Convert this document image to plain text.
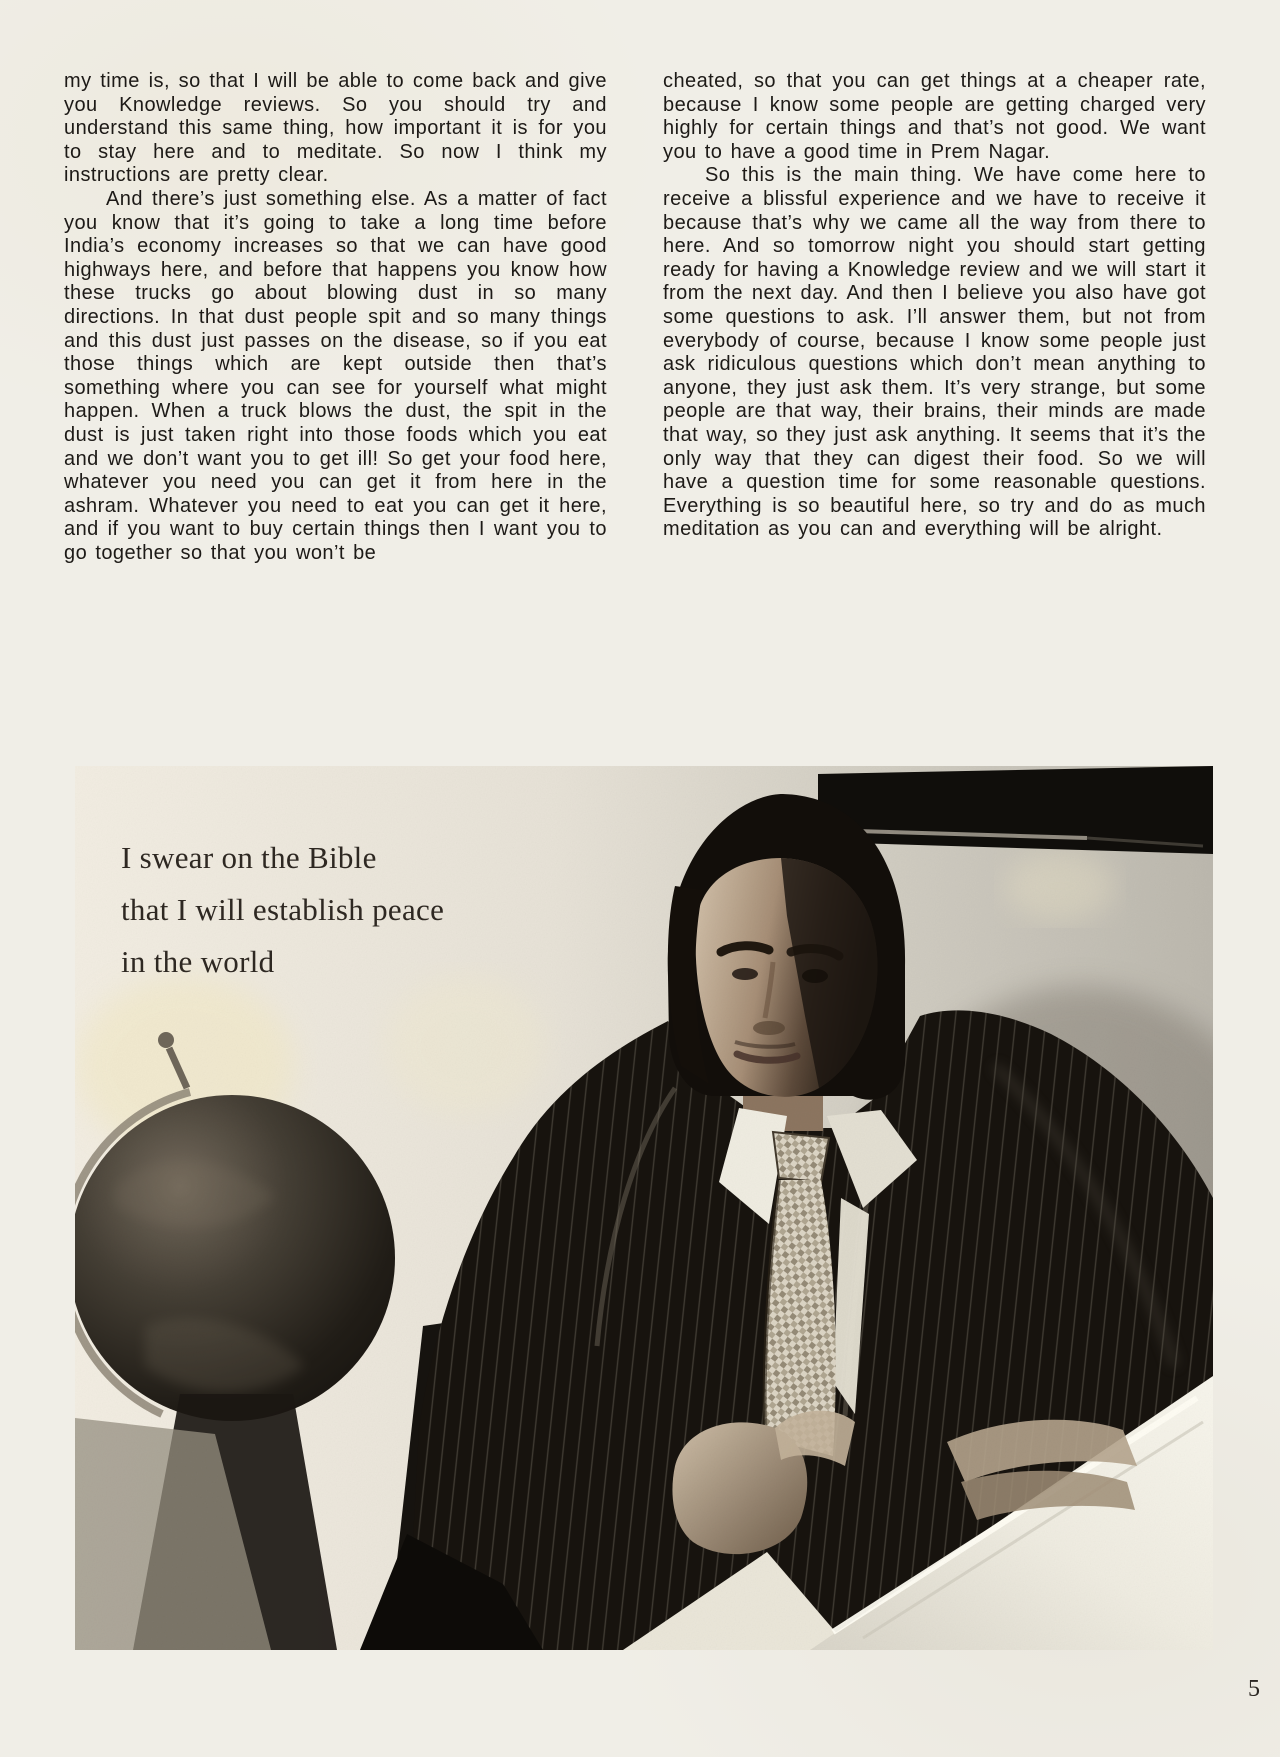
my time is, so that I will be able to come back and give you Knowledge reviews. So you should try and understand this same thing, how important it is for you to stay here and to meditate. So now I think my instructions are pretty clear.

And there’s just something else. As a matter of fact you know that it’s going to take a long time before India’s economy increases so that we can have good highways here, and before that happens you know how these trucks go about blowing dust in so many directions. In that dust people spit and so many things and this dust just passes on the disease, so if you eat those things which are kept outside then that’s something where you can see for yourself what might happen. When a truck blows the dust, the spit in the dust is just taken right into those foods which you eat and we don’t want you to get ill! So get your food here, whatever you need you can get it from here in the ashram. Whatever you need to eat you can get it here, and if you want to buy certain things then I want you to go together so that you won’t be

cheated, so that you can get things at a cheaper rate, because I know some people are getting charged very highly for certain things and that’s not good. We want you to have a good time in Prem Nagar.

So this is the main thing. We have come here to receive a blissful experience and we have to receive it because that’s why we came all the way from there to here. And so tomorrow night you should start getting ready for having a Knowledge review and we will start it from the next day. And then I believe you also have got some questions to ask. I’ll answer them, but not from everybody of course, because I know some people just ask ridiculous questions which don’t mean anything to anyone, they just ask them. It’s very strange, but some people are that way, their brains, their minds are made that way, so they just ask anything. It seems that it’s the only way that they can digest their food. So we will have a question time for some reasonable questions. Everything is so beautiful here, so try and do as much meditation as you can and everything will be alright.

I swear on the Bible
that I will establish peace
in the world
5
